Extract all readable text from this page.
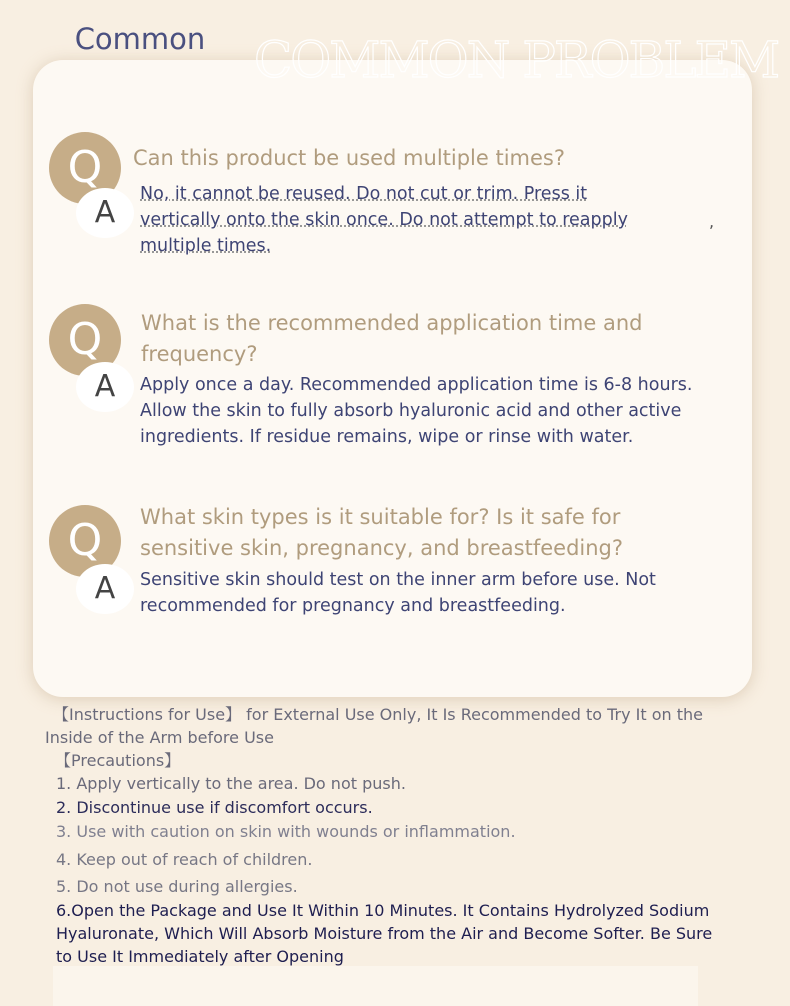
Common COMMON PROBLEM
,
Q
A
Can this product be used multiple times?
No, it cannot be reused. Do not cut or trim. Press it vertically onto the skin once. Do not attempt to reapply multiple times.
Q
A
What is the recommended application time and frequency?
Apply once a day. Recommended application time is 6-8 hours. Allow the skin to fully absorb hyaluronic acid and other active ingredients. If residue remains, wipe or rinse with water.
Q
A
What skin types is it suitable for? Is it safe for sensitive skin, pregnancy, and breastfeeding?
Sensitive skin should test on the inner arm before use. Not recommended for pregnancy and breastfeeding.

【Instructions for Use】 for External Use Only, It Is Recommended to Try It on the Inside of the Arm before Use

【Precautions】

1. Apply vertically to the area. Do not push.
2. Discontinue use if discomfort occurs.
3. Use with caution on skin with wounds or inflammation.
4. Keep out of reach of children.
5. Do not use during allergies.
6.Open the Package and Use It Within 10 Minutes. It Contains Hydrolyzed Sodium Hyaluronate, Which Will Absorb Moisture from the Air and Become Softer. Be Sure to Use It Immediately after Opening
